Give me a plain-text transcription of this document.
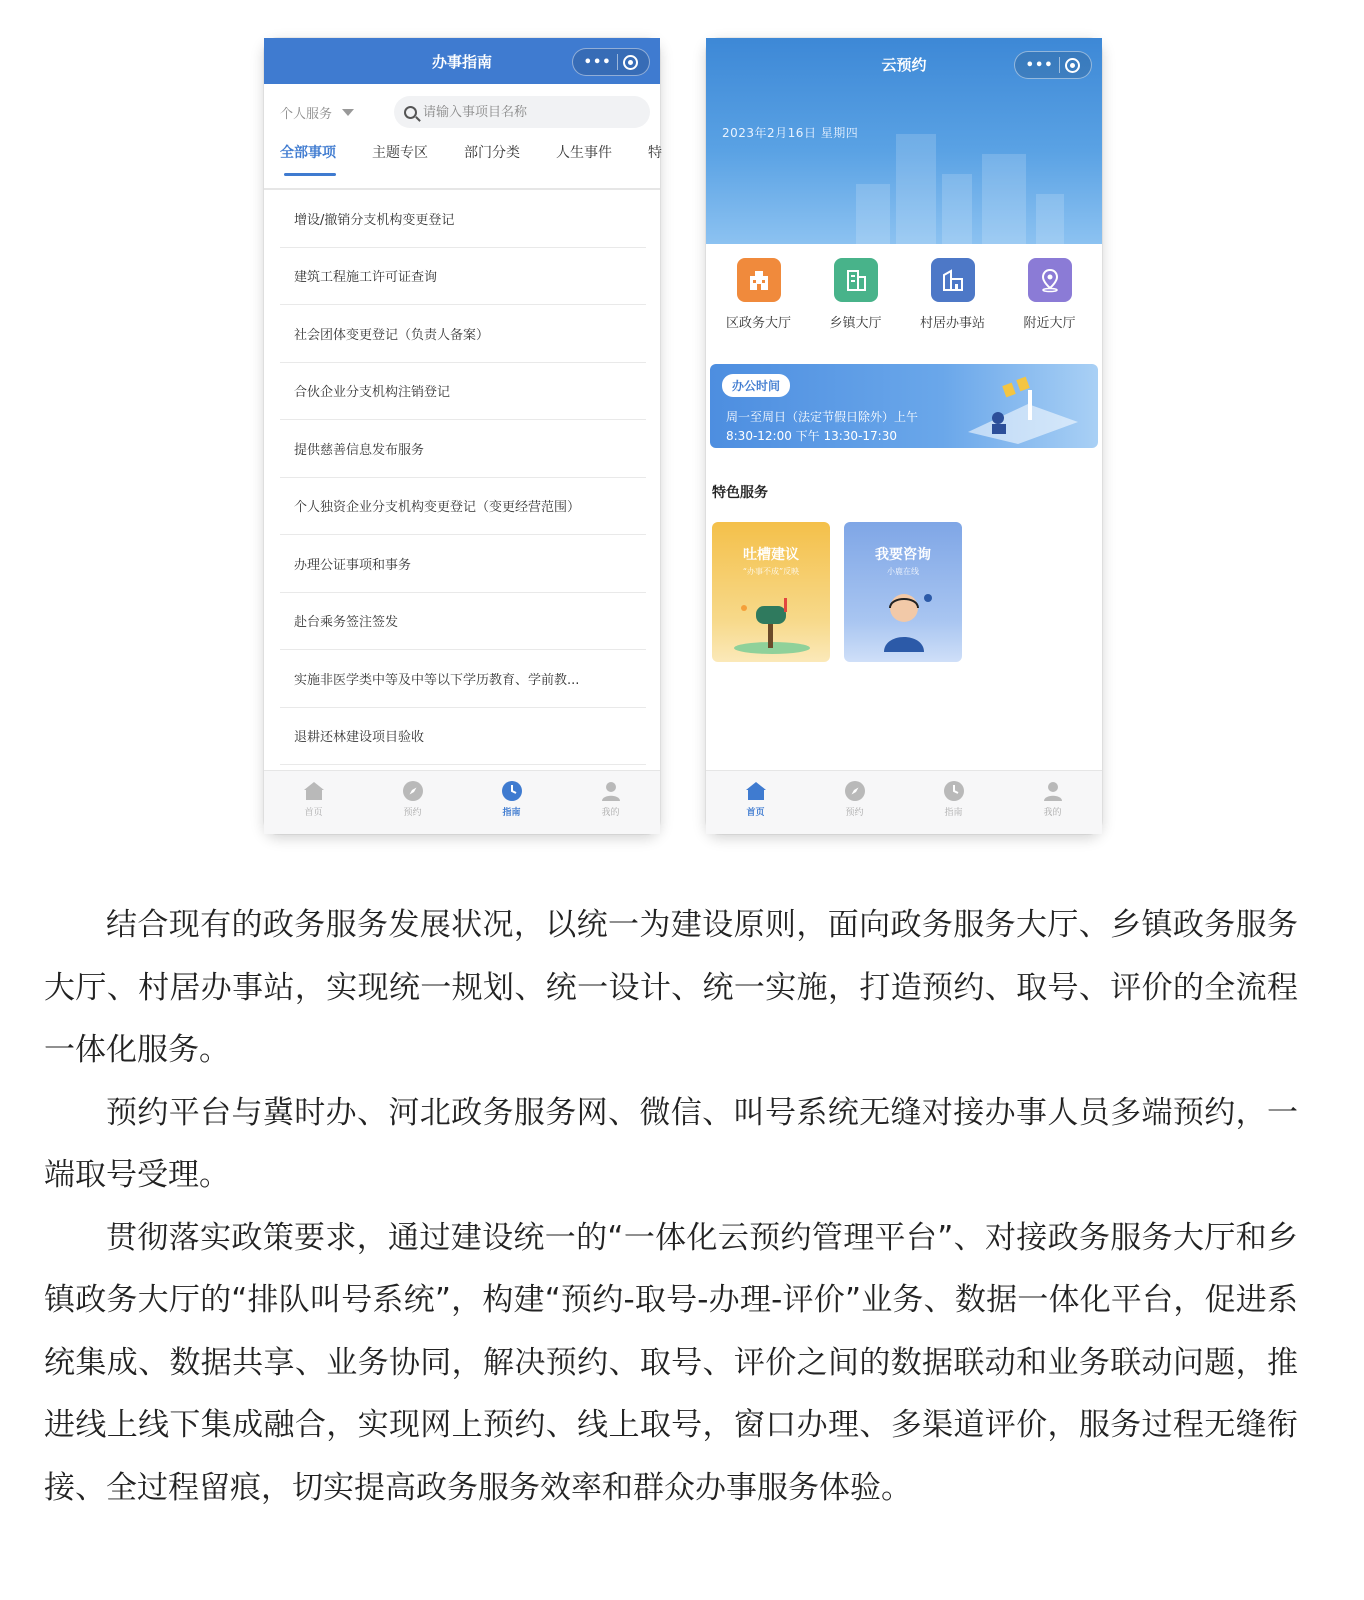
办事指南	•••
个人服务
请输入事项目名称
全部事项	主题专区	部门分类	人生事件	特
增设/撤销分支机构变更登记
建筑工程施工许可证查询
社会团体变更登记（负责人备案）
合伙企业分支机构注销登记
提供慈善信息发布服务
个人独资企业分支机构变更登记（变更经营范围）
办理公证事项和事务
赴台乘务签注签发
实施非医学类中等及中等以下学历教育、学前教...
退耕还林建设项目验收
首页	预约	指南	我的
云预约	•••
2023年2月16日 星期四
区政务大厅	乡镇大厅	村居办事站	附近大厅
办公时间
周一至周日（法定节假日除外）上午
8:30-12:00 下午 13:30-17:30
特色服务
吐槽建议
“办事不成”反映
我要咨询
小鹿在线
首页	预约	指南	我的

结合现有的政务服务发展状况，以统一为建设原则，面向政务服务大厅、乡镇政务服务大厅、村居办事站，实现统一规划、统一设计、统一实施，打造预约、取号、评价的全流程一体化服务。

预约平台与冀时办、河北政务服务网、微信、叫号系统无缝对接办事人员多端预约，一端取号受理。

贯彻落实政策要求，通过建设统一的“一体化云预约管理平台”、对接政务服务大厅和乡镇政务大厅的“排队叫号系统”，构建“预约-取号-办理-评价”业务、数据一体化平台，促进系统集成、数据共享、业务协同，解决预约、取号、评价之间的数据联动和业务联动问题，推进线上线下集成融合，实现网上预约、线上取号，窗口办理、多渠道评价，服务过程无缝衔接、全过程留痕，切实提高政务服务效率和群众办事服务体验。
